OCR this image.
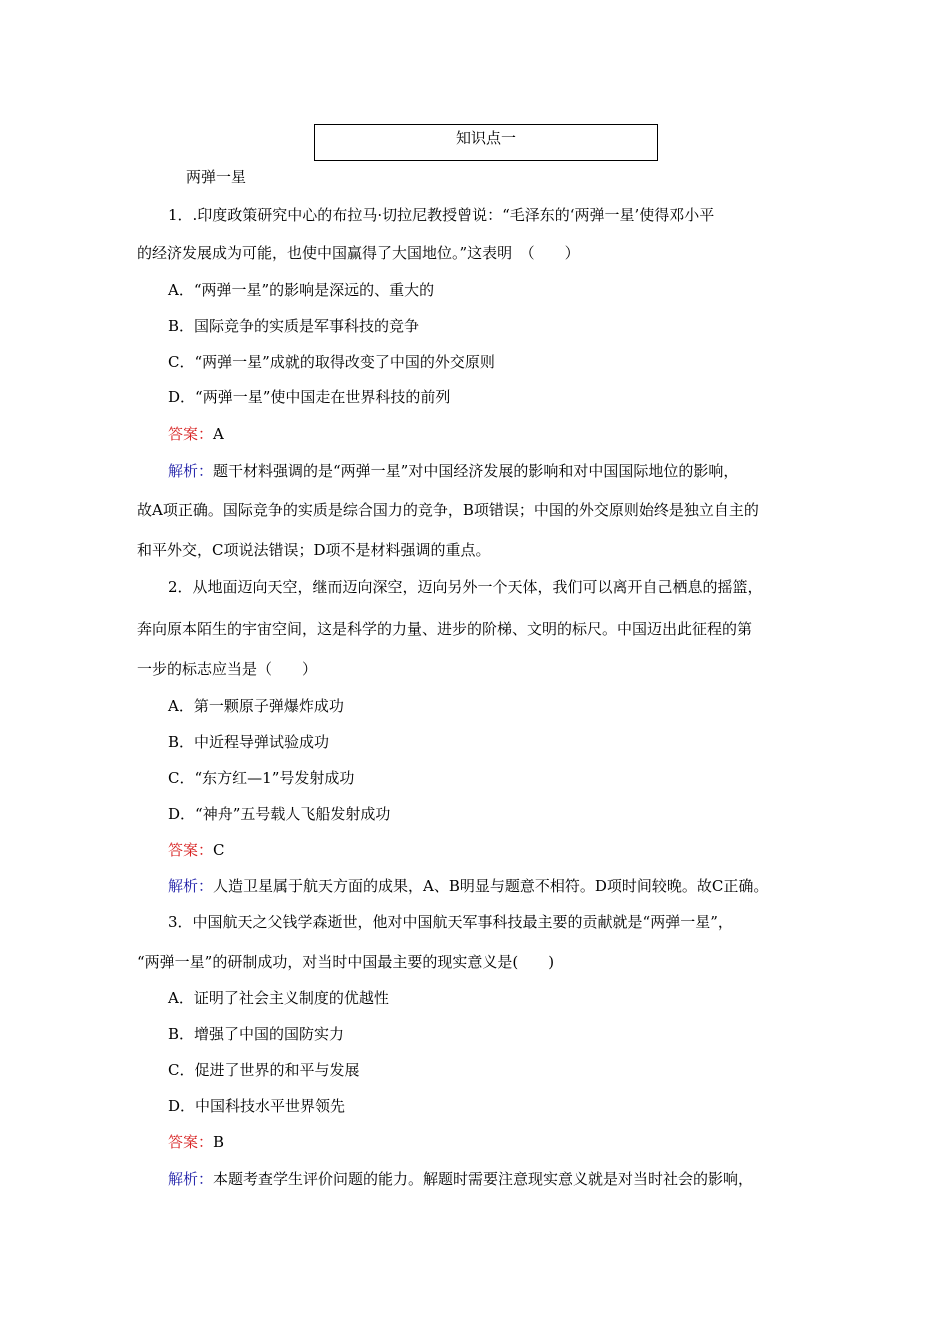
知识点一
两弹一星
1．.印度政策研究中心的布拉马·切拉尼教授曾说：“毛泽东的‘两弹一星’使得邓小平
的经济发展成为可能，也使中国赢得了大国地位。”这表明　（　　）
A．“两弹一星”的影响是深远的、重大的
B．国际竞争的实质是军事科技的竞争
C．“两弹一星”成就的取得改变了中国的外交原则
D．“两弹一星”使中国走在世界科技的前列
答案：A
解析：题干材料强调的是“两弹一星”对中国经济发展的影响和对中国国际地位的影响，
故A项正确。国际竞争的实质是综合国力的竞争，B项错误；中国的外交原则始终是独立自主的
和平外交，C项说法错误；D项不是材料强调的重点。
2．从地面迈向天空，继而迈向深空，迈向另外一个天体，我们可以离开自己栖息的摇篮，
奔向原本陌生的宇宙空间，这是科学的力量、进步的阶梯、文明的标尺。中国迈出此征程的第
一步的标志应当是（　　）
A．第一颗原子弹爆炸成功
B．中近程导弹试验成功
C．“东方红—1”号发射成功
D．“神舟”五号载人飞船发射成功
答案：C
解析：人造卫星属于航天方面的成果，A、B明显与题意不相符。D项时间较晚。故C正确。
3．中国航天之父钱学森逝世，他对中国航天军事科技最主要的贡献就是“两弹一星”，
“两弹一星”的研制成功，对当时中国最主要的现实意义是(　　)
A．证明了社会主义制度的优越性
B．增强了中国的国防实力
C．促进了世界的和平与发展
D．中国科技水平世界领先
答案：B
解析：本题考查学生评价问题的能力。解题时需要注意现实意义就是对当时社会的影响，
